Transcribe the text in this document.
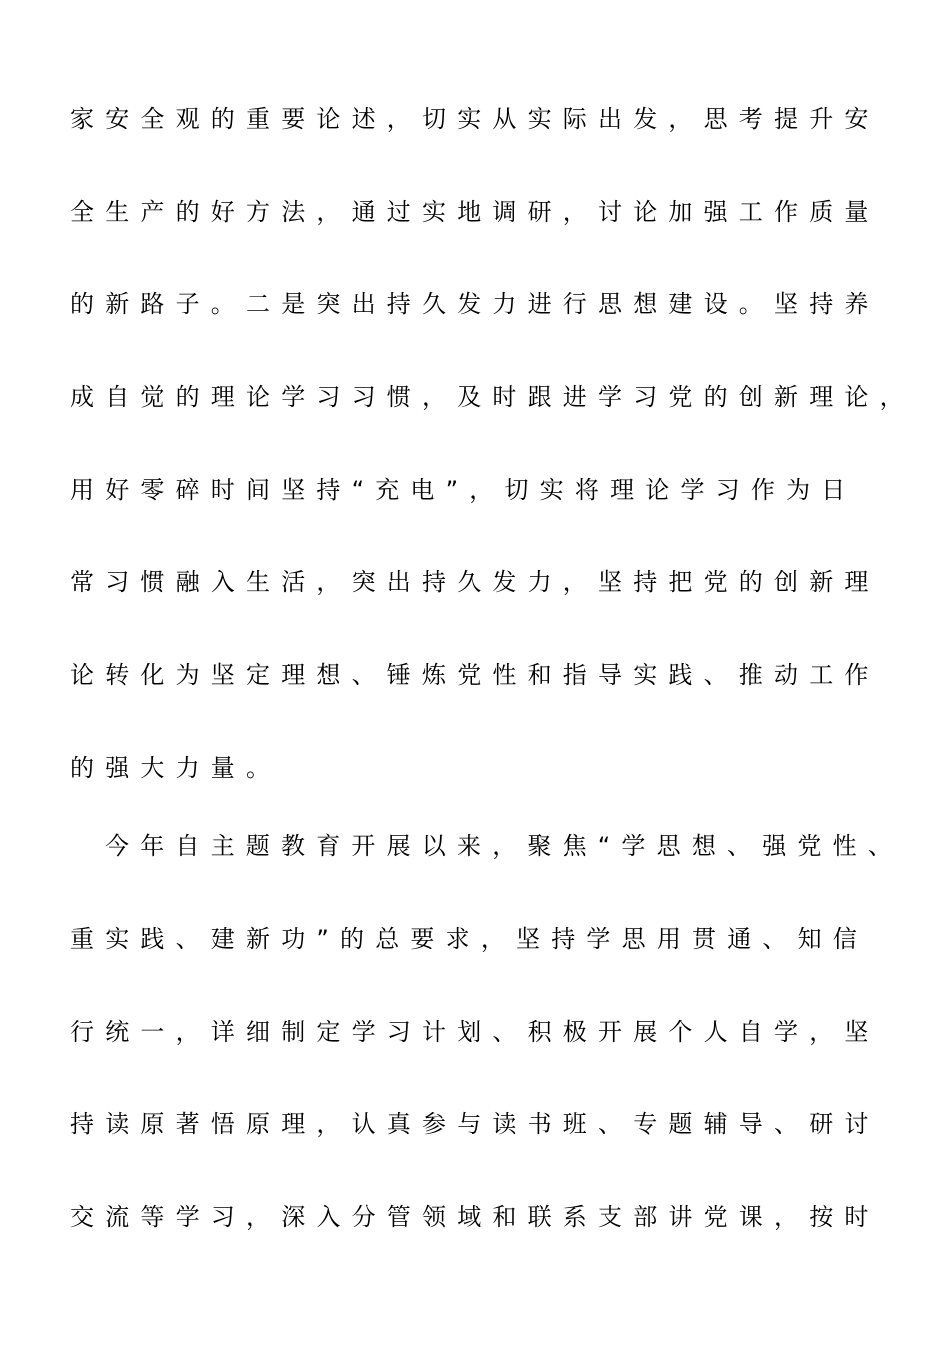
家安全观的重要论述，切实从实际出发，思考提升安

全生产的好方法，通过实地调研，讨论加强工作质量

的新路子。二是突出持久发力进行思想建设。坚持养

成自觉的理论学习习惯，及时跟进学习党的创新理论，

用好零碎时间坚持“充电”，切实将理论学习作为日

常习惯融入生活，突出持久发力，坚持把党的创新理

论转化为坚定理想、锤炼党性和指导实践、推动工作

的强大力量。

今年自主题教育开展以来，聚焦“学思想、强党性、

重实践、建新功”的总要求，坚持学思用贯通、知信

行统一，详细制定学习计划、积极开展个人自学，坚

持读原著悟原理，认真参与读书班、专题辅导、研讨

交流等学习，深入分管领域和联系支部讲党课，按时
